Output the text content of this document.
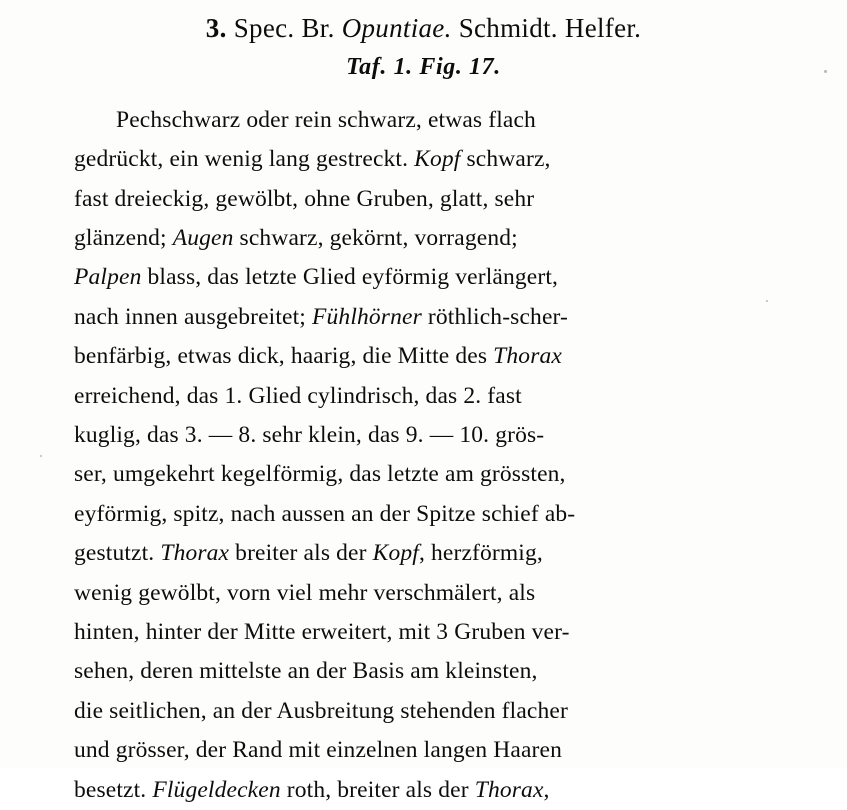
3. Spec. Br. Opuntiae. Schmidt. Helfer.
Taf. 1. Fig. 17.
Pechschwarz oder rein schwarz, etwas flach
gedrückt, ein wenig lang gestreckt. Kopf schwarz,
fast dreieckig, gewölbt, ohne Gruben, glatt, sehr
glänzend; Augen schwarz, gekörnt, vorragend;
Palpen blass, das letzte Glied eyförmig verlängert,
nach innen ausgebreitet; Fühlhörner röthlich-scher-
benfärbig, etwas dick, haarig, die Mitte des Thorax
erreichend, das 1. Glied cylindrisch, das 2. fast
kuglig, das 3. — 8. sehr klein, das 9. — 10. grös-
ser, umgekehrt kegelförmig, das letzte am grössten,
eyförmig, spitz, nach aussen an der Spitze schief ab-
gestutzt. Thorax breiter als der Kopf, herzförmig,
wenig gewölbt, vorn viel mehr verschmälert, als
hinten, hinter der Mitte erweitert, mit 3 Gruben ver-
sehen, deren mittelste an der Basis am kleinsten,
die seitlichen, an der Ausbreitung stehenden flacher
und grösser, der Rand mit einzelnen langen Haaren
besetzt. Flügeldecken roth, breiter als der Thorax,
